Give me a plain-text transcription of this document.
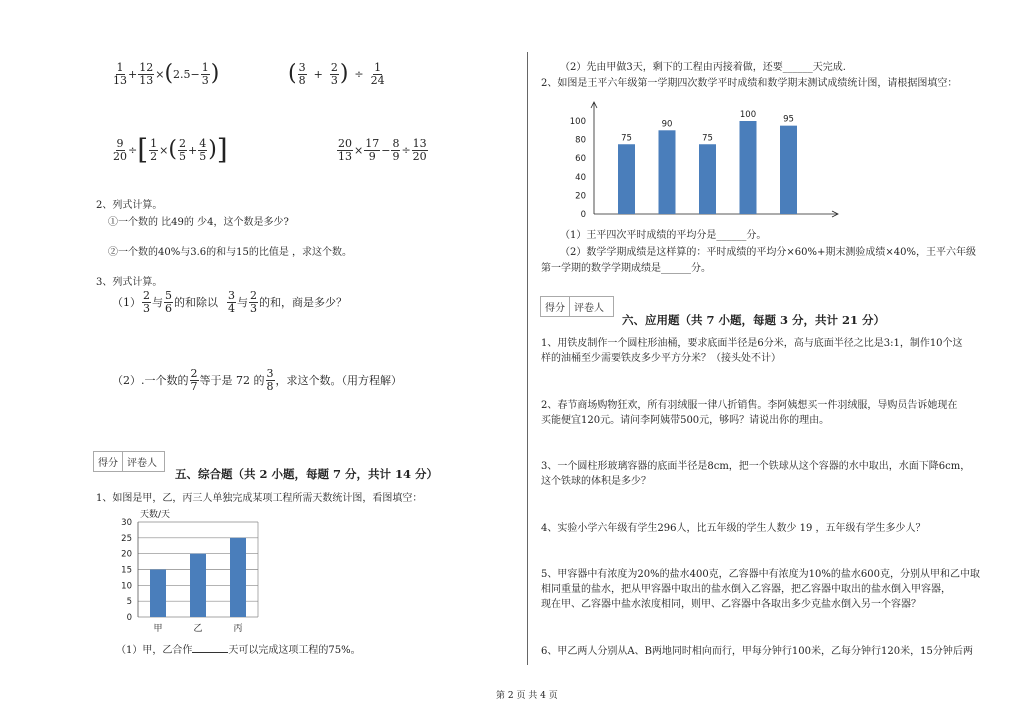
$\frac{1}{13} + \frac{12}{13}$ × ( $2.5- \frac{1}{3}$ )	( $\frac{3}{8} + \frac{2}{3}$ ) ÷ $\frac{1}{24}$
$\frac{9}{20}$ ÷ [ $\frac{1}{2}$ × ( $\frac{2}{5} + \frac{4}{5}$ ) ]	$\frac{20}{13} \times \frac{17}{9} - \frac{8}{9} \div \frac{13}{20}$
2、列式计算。
①一个数的 比49的 少4，这个数是多少?
②一个数的40%与3.6的和与15的比值是 ，求这个数。
3、列式计算。
$(1) \frac{2}{3}$ 与 $\frac{5}{6}$ 的和除以 $\frac{3}{4}$ 与 $\frac{2}{3}$ 的和，商是多少？
（2）.一个数的 $\frac{2}{7}$ 等于是 72 的 $\frac{3}{8}$ ，求这个数。（用方程解）
得分 评卷人
五、综合题（共 2 小题，每题 7 分，共计 14 分）
1、如图是甲，乙，丙三人单独完成某项工程所需天数统计图，看图填空：
天数/天
0
5
10
15
20
25
30
甲	乙	丙
（1）甲，乙合作	天可以完成这项工程的75%。
（2）先由甲做3天，剩下的工程由丙接着做，还要______天完成.
2、如图是王平六年级第一学期四次数学平时成绩和数学期末测试成绩统计图，请根据图填空：
0
20
40
60
80
100
75
90
75
100	95
（1）王平四次平时成绩的平均分是______分。
（2）数学学期成绩是这样算的：平时成绩的平均分×60%+期末测验成绩×40%，王平六年级
第一学期的数学学期成绩是______分。
得分 评卷人
六、应用题（共 7 小题，每题 3 分，共计 21 分）
1、用铁皮制作一个圆柱形油桶，要求底面半径是6分米，高与底面半径之比是3:1，制作10个这
样的油桶至少需要铁皮多少平方分米？（接头处不计）
2、春节商场购物狂欢，所有羽绒服一律八折销售。李阿姨想买一件羽绒服，导购员告诉她现在
买能便宜120元。请问李阿姨带500元，够吗？请说出你的理由。
3、一个圆柱形玻璃容器的底面半径是8cm，把一个铁球从这个容器的水中取出，水面下降6cm，
这个铁球的体积是多少？
4、实验小学六年级有学生296人，比五年级的学生人数少 19 ，五年级有学生多少人？
5、甲容器中有浓度为20%的盐水400克，乙容器中有浓度为10%的盐水600克，分别从甲和乙中取
相同重量的盐水，把从甲容器中取出的盐水倒入乙容器，把乙容器中取出的盐水倒入甲容器，
现在甲、乙容器中盐水浓度相同，则甲、乙容器中各取出多少克盐水倒入另一个容器？
6、甲乙两人分别从A、B两地同时相向而行，甲每分钟行100米，乙每分钟行120米，15分钟后两
第 2 页 共 4 页
